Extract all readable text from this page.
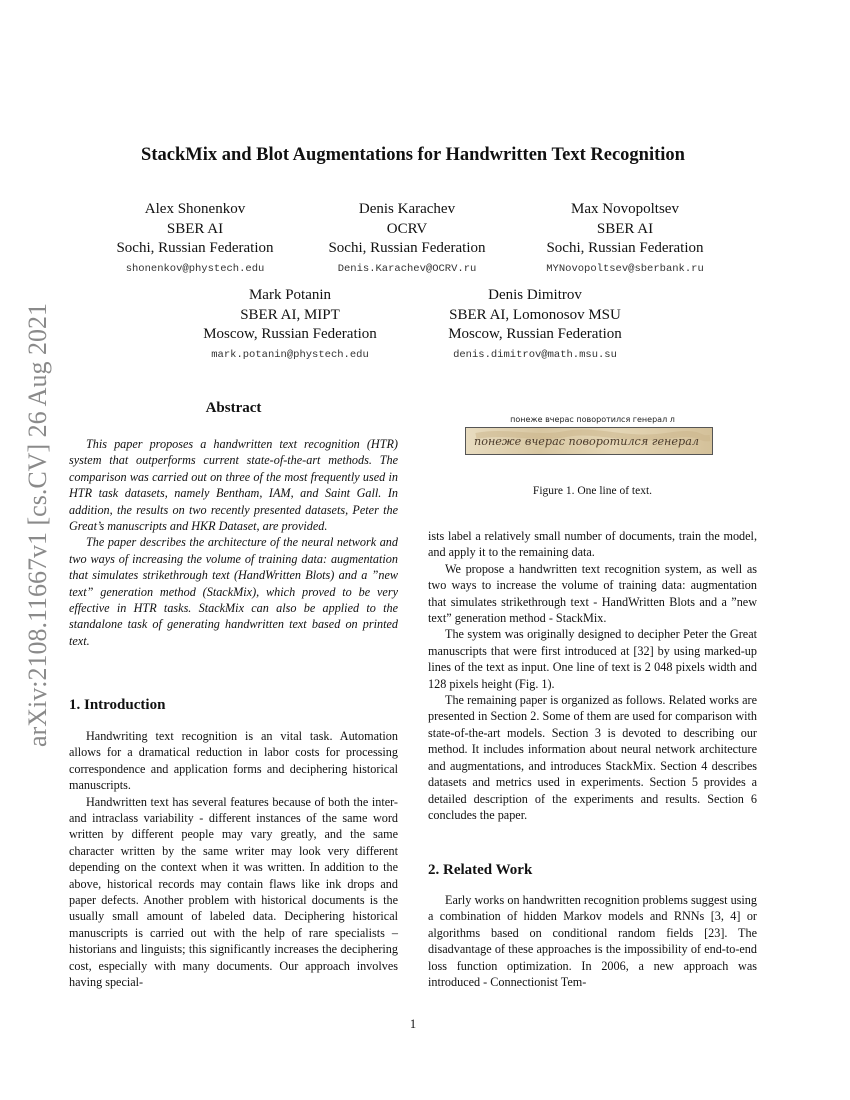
arXiv:2108.11667v1 [cs.CV] 26 Aug 2021
StackMix and Blot Augmentations for Handwritten Text Recognition
Alex Shonenkov
SBER AI
Sochi, Russian Federation
shonenkov@phystech.edu
Denis Karachev
OCRV
Sochi, Russian Federation
Denis.Karachev@OCRV.ru
Max Novopoltsev
SBER AI
Sochi, Russian Federation
MYNovopoltsev@sberbank.ru
Mark Potanin
SBER AI, MIPT
Moscow, Russian Federation
mark.potanin@phystech.edu
Denis Dimitrov
SBER AI, Lomonosov MSU
Moscow, Russian Federation
denis.dimitrov@math.msu.su
Abstract

This paper proposes a handwritten text recognition (HTR) system that outperforms current state-of-the-art methods. The comparison was carried out on three of the most frequently used in HTR task datasets, namely Bentham, IAM, and Saint Gall. In addition, the results on two recently presented datasets, Peter the Great’s manuscripts and HKR Dataset, are provided.

The paper describes the architecture of the neural network and two ways of increasing the volume of training data: augmentation that simulates strikethrough text (HandWritten Blots) and a ”new text” generation method (StackMix), which proved to be very effective in HTR tasks. StackMix can also be applied to the standalone task of generating handwritten text based on printed text.

1. Introduction

Handwriting text recognition is an vital task. Automation allows for a dramatical reduction in labor costs for processing correspondence and application forms and deciphering historical manuscripts.

Handwritten text has several features because of both the inter- and intraclass variability - different instances of the same word written by different people may vary greatly, and the same character written by the same writer may look very different depending on the context when it was written. In addition to the above, historical records may contain flaws like ink drops and paper defects. Another problem with historical documents is the usually small amount of labeled data. Deciphering historical manuscripts is carried out with the help of rare specialists – historians and linguists; this significantly increases the deciphering cost, especially with many documents. Our approach involves having special-

понеже вчерас поворотился генерал л
понеже вчерас поворотился генерал
Figure 1. One line of text.
ists label a relatively small number of documents, train the model, and apply it to the remaining data.

We propose a handwritten text recognition system, as well as two ways to increase the volume of training data: augmentation that simulates strikethrough text - HandWritten Blots and a ”new text” generation method - StackMix.

The system was originally designed to decipher Peter the Great manuscripts that were first introduced at [32] by using marked-up lines of the text as input. One line of text is 2 048 pixels width and 128 pixels height (Fig. 1).

The remaining paper is organized as follows. Related works are presented in Section 2. Some of them are used for comparison with state-of-the-art models. Section 3 is devoted to describing our method. It includes information about neural network architecture and augmentations, and introduces StackMix. Section 4 describes datasets and metrics used in experiments. Section 5 provides a detailed description of the experiments and results. Section 6 concludes the paper.

2. Related Work

Early works on handwritten recognition problems suggest using a combination of hidden Markov models and RNNs [3, 4] or algorithms based on conditional random fields [23]. The disadvantage of these approaches is the impossibility of end-to-end loss function optimization. In 2006, a new approach was introduced - Connectionist Tem-

1
